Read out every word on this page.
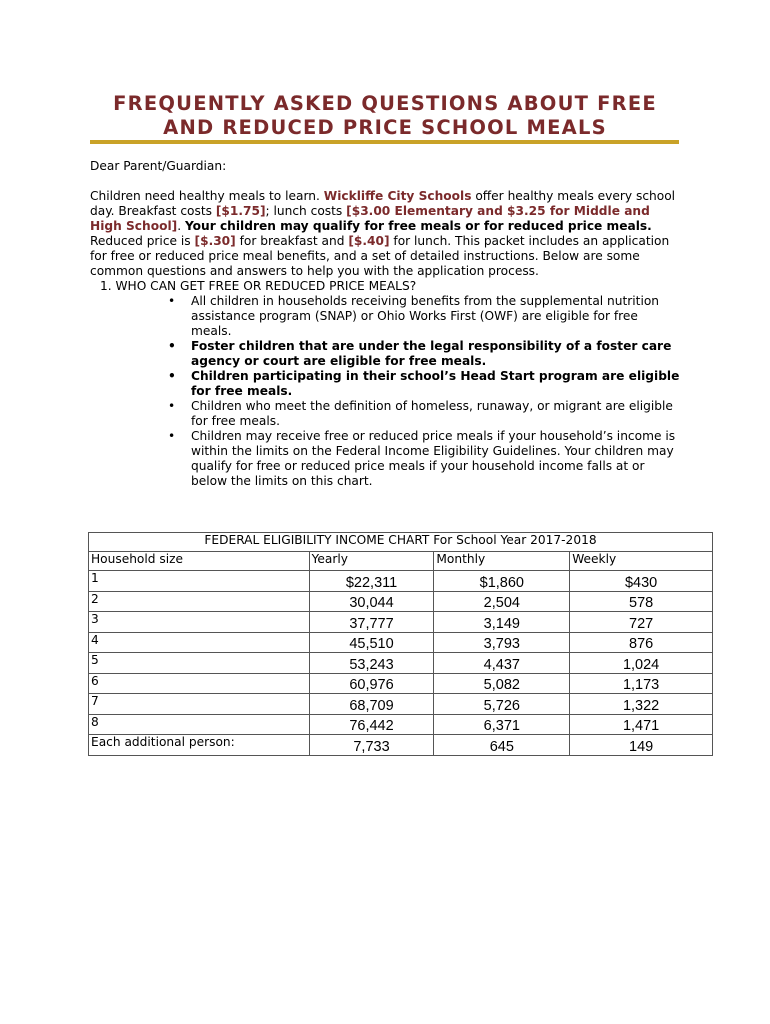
FREQUENTLY ASKED QUESTIONS ABOUT FREE
AND REDUCED PRICE SCHOOL MEALS

Dear Parent/Guardian:

Children need healthy meals to learn. Wickliffe City Schools offer healthy meals every school day. Breakfast costs [$1.75]; lunch costs [$3.00 Elementary and $3.25 for Middle and High School]. Your children may qualify for free meals or for reduced price meals. Reduced price is [$.30] for breakfast and [$.40] for lunch. This packet includes an application for free or reduced price meal benefits, and a set of detailed instructions. Below are some common questions and answers to help you with the application process.

1. WHO CAN GET FREE OR REDUCED PRICE MEALS?
• All children in households receiving benefits from the supplemental nutrition assistance program (SNAP) or Ohio Works First (OWF) are eligible for free meals.
• Foster children that are under the legal responsibility of a foster care agency or court are eligible for free meals.
• Children participating in their school’s Head Start program are eligible for free meals.
• Children who meet the definition of homeless, runaway, or migrant are eligible for free meals.
• Children may receive free or reduced price meals if your household’s income is within the limits on the Federal Income Eligibility Guidelines. Your children may qualify for free or reduced price meals if your household income falls at or below the limits on this chart.
FEDERAL ELIGIBILITY INCOME CHART For School Year 2017-2018			
Household size	Yearly	Monthly	Weekly
1	$22,311	$1,860	$430
2	30,044	2,504	578
3	37,777	3,149	727
4	45,510	3,793	876
5	53,243	4,437	1,024
6	60,976	5,082	1,173
7	68,709	5,726	1,322
8	76,442	6,371	1,471
Each additional person:	7,733	645	149
